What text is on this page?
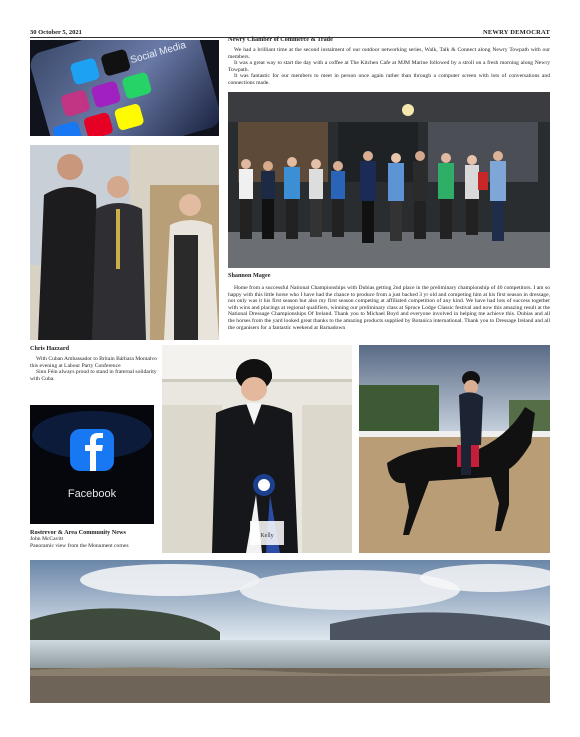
30 October 5, 2021	NEWRY DEMOCRAT
Social Media
Newry Chamber of Commerce & Trade

We had a brilliant time at the second instalment of our outdoor networking series, Walk, Talk & Connect along Newry Towpath with our members.

It was a great way to start the day with a coffee at The Kitchen Cafe at MJM Marine followed by a stroll on a fresh morning along Newry Towpath.

It was fantastic for our members to meet in person once again rather than through a computer screen with lots of conversations and connections made.

Chris Hazzard

With Cuban Ambassador to Britain Bárbara Montalvo this evening at Labour Party Conference

Sinn Féin always proud to stand in fraternal solidarity with Cuba.

Facebook
Rostrevor & Area Community News
John McCavitt
Panoramic view from the Monument corner.
Shannon Magee
Home from a successful National Championships with Dubias getting 2nd place in the preliminary championship of 40 competitors. I am so happy with this little horse who I have had the chance to produce from a just backed 3 yr old and competing him at his first season in dressage, not only was it his first season but also my first season competing at affiliated competition of any kind. We have had lots of success together with wins and placings at regional qualifiers, winning our preliminary class at Spruce Lodge Classic festival and now this amazing result at the National Dressage Championships Of Ireland. Thank you to Michael Boyd and everyone involved in helping me achieve this. Dubias and all the horses from the yard looked great thanks to the amazing products supplied by Botanica international. Thank you to Dressage Ireland and all the organisers for a fantastic weekend at Barnadown
Kelly
